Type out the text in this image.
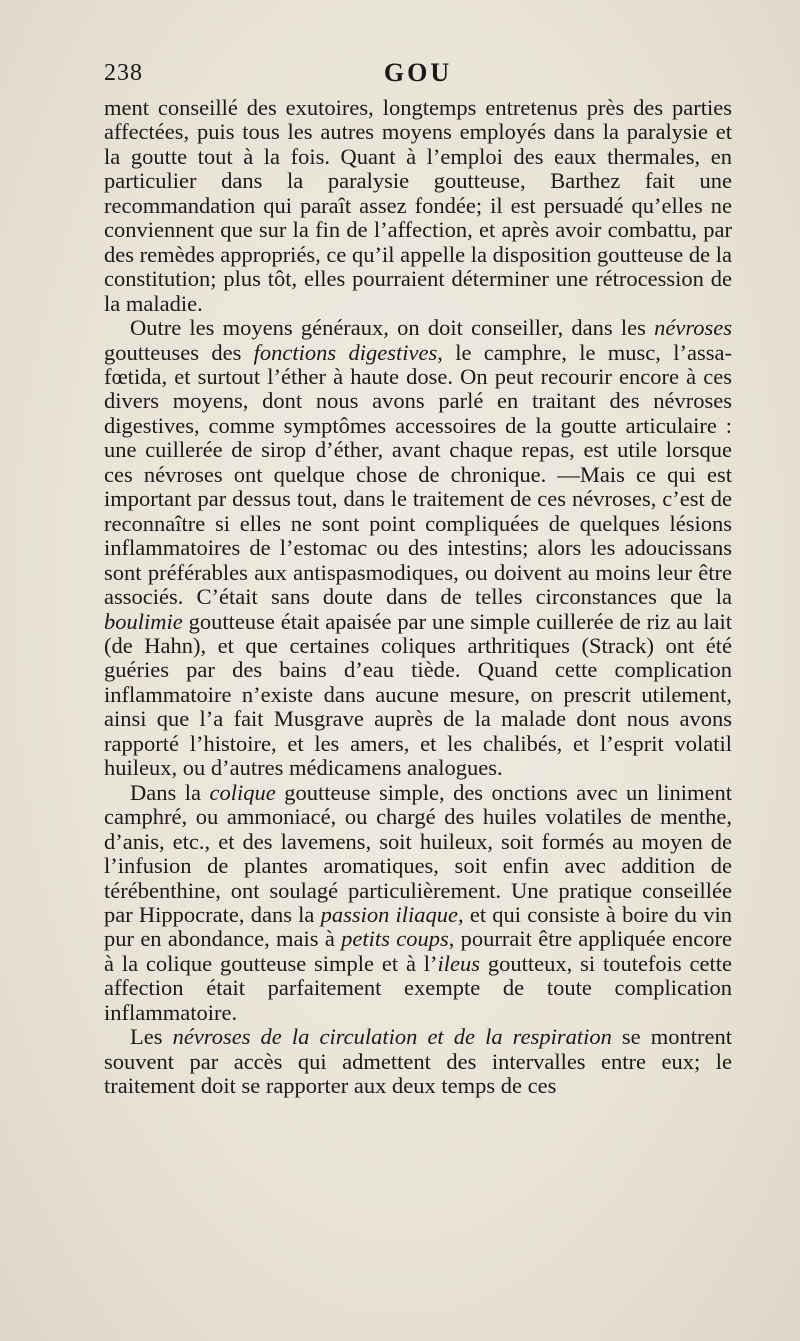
238	GOU

ment conseillé des exutoires, longtemps entretenus près des parties affectées, puis tous les autres moyens employés dans la paralysie et la goutte tout à la fois. Quant à l’emploi des eaux thermales, en particulier dans la paralysie goutteuse, Barthez fait une recommandation qui paraît assez fondée; il est persuadé qu’elles ne conviennent que sur la fin de l’affection, et après avoir combattu, par des remèdes appropriés, ce qu’il appelle la disposition goutteuse de la constitution; plus tôt, elles pourraient déterminer une rétrocession de la maladie.

Outre les moyens généraux, on doit conseiller, dans les névroses goutteuses des fonctions digestives, le camphre, le musc, l’assa-fœtida, et surtout l’éther à haute dose. On peut recourir encore à ces divers moyens, dont nous avons parlé en traitant des névroses digestives, comme symptômes accessoires de la goutte articulaire : une cuillerée de sirop d’éther, avant chaque repas, est utile lorsque ces névroses ont quelque chose de chronique. —Mais ce qui est important par dessus tout, dans le traitement de ces névroses, c’est de reconnaître si elles ne sont point compliquées de quelques lésions inflammatoires de l’estomac ou des intestins; alors les adoucissans sont préférables aux antispasmodiques, ou doivent au moins leur être associés. C’était sans doute dans de telles circonstances que la boulimie goutteuse était apaisée par une simple cuillerée de riz au lait (de Hahn), et que certaines coliques arthritiques (Strack) ont été guéries par des bains d’eau tiède. Quand cette complication inflammatoire n’existe dans aucune mesure, on prescrit utilement, ainsi que l’a fait Musgrave auprès de la malade dont nous avons rapporté l’histoire, et les amers, et les chalibés, et l’esprit volatil huileux, ou d’autres médicamens analogues.

Dans la colique goutteuse simple, des onctions avec un liniment camphré, ou ammoniacé, ou chargé des huiles volatiles de menthe, d’anis, etc., et des lavemens, soit huileux, soit formés au moyen de l’infusion de plantes aromatiques, soit enfin avec addition de térébenthine, ont soulagé particulièrement. Une pratique conseillée par Hippocrate, dans la passion iliaque, et qui consiste à boire du vin pur en abondance, mais à petits coups, pourrait être appliquée encore à la colique goutteuse simple et à l’ileus goutteux, si toutefois cette affection était parfaitement exempte de toute complication inflammatoire.

Les névroses de la circulation et de la respiration se montrent souvent par accès qui admettent des intervalles entre eux; le traitement doit se rapporter aux deux temps de ces
